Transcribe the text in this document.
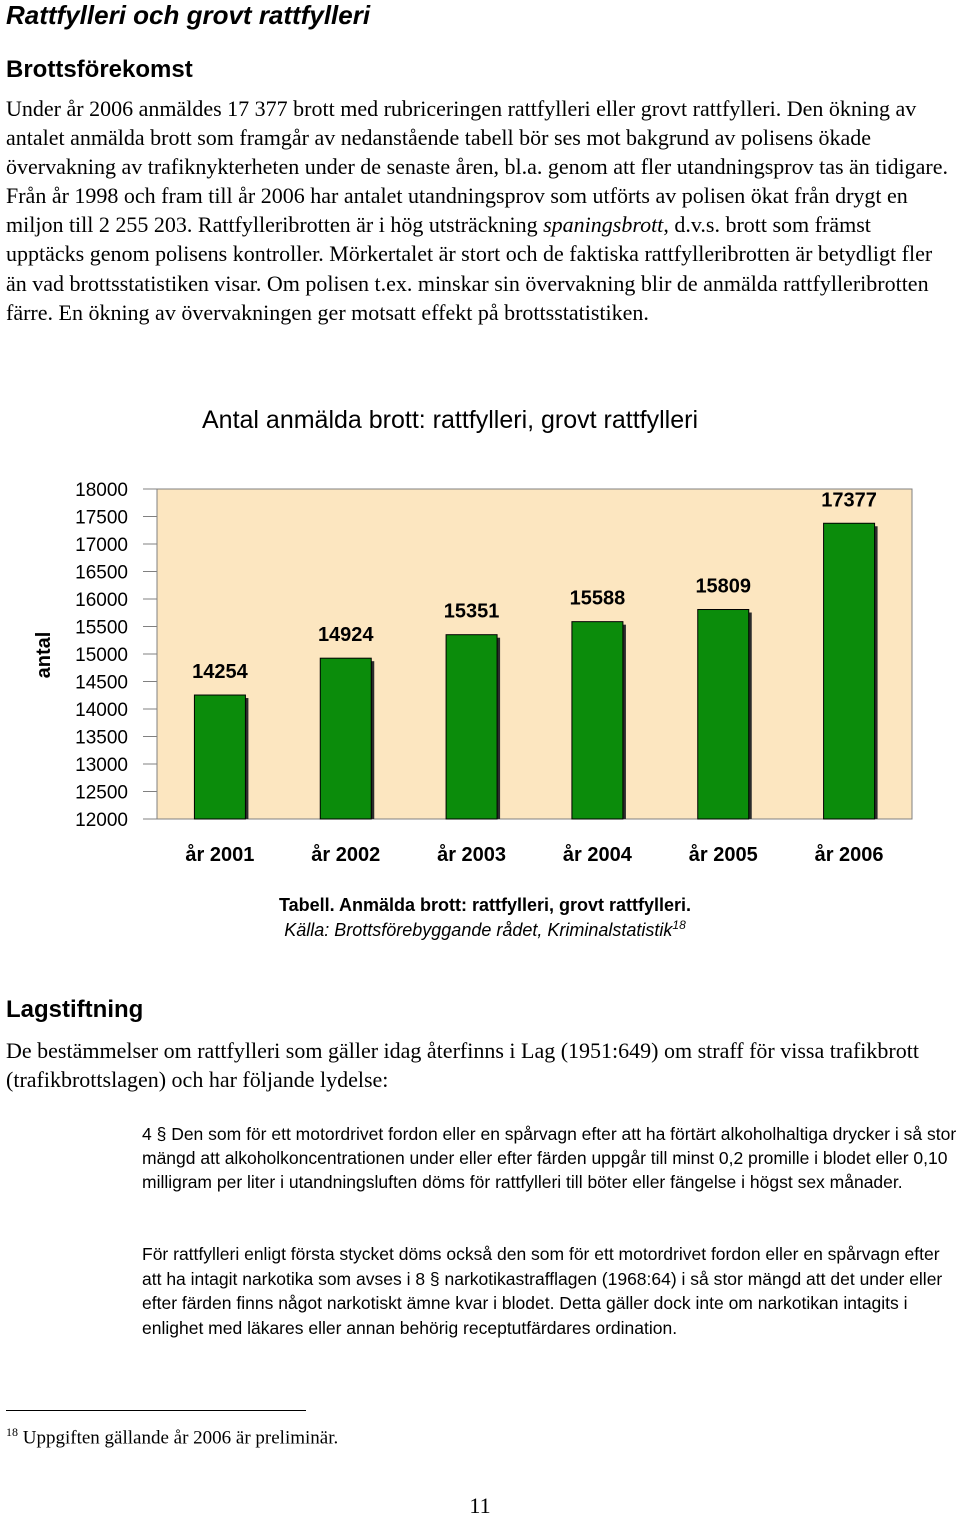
Rattfylleri och grovt rattfylleri
Brottsförekomst
Under år 2006 anmäldes 17 377 brott med rubriceringen rattfylleri eller grovt rattfylleri. Den ökning av antalet anmälda brott som framgår av nedanstående tabell bör ses mot bakgrund av polisens ökade övervakning av trafiknykterheten under de senaste åren, bl.a. genom att fler utandningsprov tas än tidigare. Från år 1998 och fram till år 2006 har antalet utandningsprov som utförts av polisen ökat från drygt en miljon till 2 255 203. Rattfylleribrotten är i hög utsträckning spaningsbrott, d.v.s. brott som främst upptäcks genom polisens kontroller. Mörkertalet är stort och de faktiska rattfylleribrotten är betydligt fler än vad brottsstatistiken visar. Om polisen t.ex. minskar sin övervakning blir de anmälda rattfylleribrotten färre. En ökning av övervakningen ger motsatt effekt på brottsstatistiken.
Antal anmälda brott: rattfylleri, grovt rattfylleri
18000
17500
17000
16500
16000
15500
15000
14500
14000
13500
13000
12500
12000
antal	14254
år 2001
14924
år 2002
15351
år 2003
15588
år 2004
15809
år 2005
17377
år 2006
Tabell. Anmälda brott: rattfylleri, grovt rattfylleri.
Källa: Brottsförebyggande rådet, Kriminalstatistik$^{18}$
Lagstiftning
De bestämmelser om rattfylleri som gäller idag återfinns i Lag (1951:649) om straff för vissa trafikbrott (trafikbrottslagen) och har följande lydelse:
4 § Den som för ett motordrivet fordon eller en spårvagn efter att ha förtärt alkoholhaltiga drycker i så stor mängd att alkoholkoncentrationen under eller efter färden uppgår till minst 0,2 promille i blodet eller 0,10 milligram per liter i utandningsluften döms för rattfylleri till böter eller fängelse i högst sex månader.
För rattfylleri enligt första stycket döms också den som för ett motordrivet fordon eller en spårvagn efter att ha intagit narkotika som avses i 8 § narkotikastrafflagen (1968:64) i så stor mängd att det under eller efter färden finns något narkotiskt ämne kvar i blodet. Detta gäller dock inte om narkotikan intagits i enlighet med läkares eller annan behörig receptutfärdares ordination.
$^{18}$ Uppgiften gällande år 2006 är preliminär.
11
